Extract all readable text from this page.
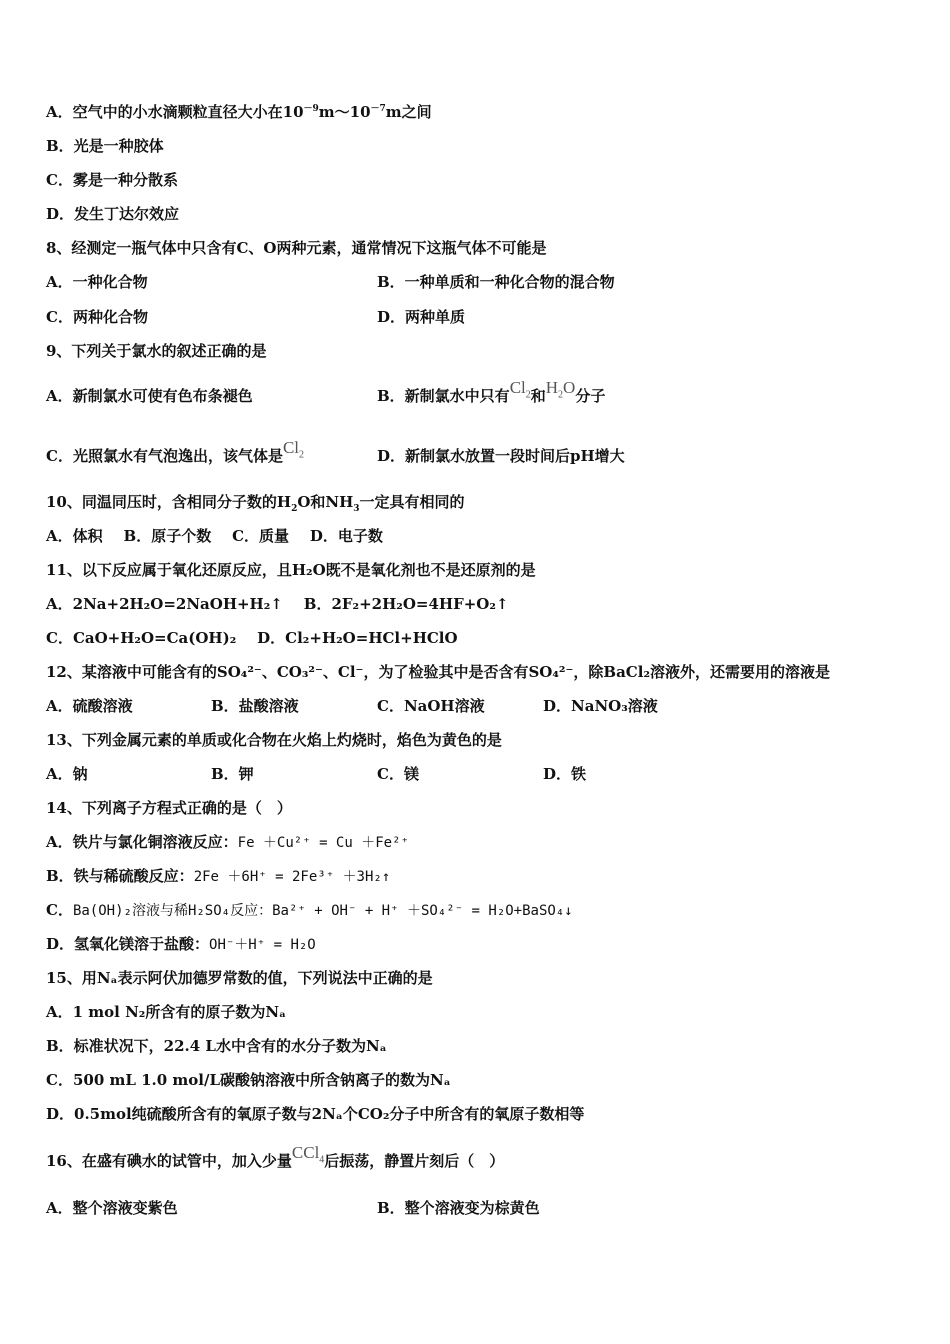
A．空气中的小水滴颗粒直径大小在$10^{-9}m\sim 10^{-7}m$之间
B．光是一种胶体
C．雾是一种分散系
D．发生丁达尔效应
8、经测定一瓶气体中只含有C、O两种元素，通常情况下这瓶气体不可能是
A．一种化合物	B．一种单质和一种化合物的混合物
C．两种化合物	D．两种单质
9、下列关于氯水的叙述正确的是
A．新制氯水可使有色布条褪色	B．新制氯水中只有$Cl_2$和$H_2O$分子
C．光照氯水有气泡逸出，该气体是$Cl_2$	D．新制氯水放置一段时间后pH增大
10、同温同压时，含相同分子数的$H_2O$和$NH_3$一定具有相同的
A．体积    B．原子个数    C．质量    D．电子数
11、以下反应属于氧化还原反应，且H₂O既不是氧化剂也不是还原剂的是
A．2Na+2H₂O=2NaOH+H₂↑    B．2F₂+2H₂O=4HF+O₂↑
C．CaO+H₂O=Ca(OH)₂    D．Cl₂+H₂O=HCl+HClO
12、某溶液中可能含有的SO₄²⁻、CO₃²⁻、Cl⁻，为了检验其中是否含有SO₄²⁻，除BaCl₂溶液外，还需要用的溶液是
A．硫酸溶液	B．盐酸溶液	C．NaOH溶液	D．NaNO₃溶液
13、下列金属元素的单质或化合物在火焰上灼烧时，焰色为黄色的是
A．钠	B．钾	C．镁	D．铁
14、下列离子方程式正确的是（　）
A．铁片与氯化铜溶液反应：Fe ＋Cu²⁺ = Cu ＋Fe²⁺
B．铁与稀硫酸反应：2Fe ＋6H⁺ = 2Fe³⁺ ＋3H₂↑
C．Ba(OH)₂溶液与稀H₂SO₄反应：Ba²⁺ + OH⁻ + H⁺ ＋SO₄²⁻ = H₂O+BaSO₄↓
D．氢氧化镁溶于盐酸：OH⁻＋H⁺ = H₂O
15、用Nₐ表示阿伏加德罗常数的值，下列说法中正确的是
A．1 mol N₂所含有的原子数为Nₐ
B．标准状况下，22.4 L水中含有的水分子数为Nₐ
C．500 mL 1.0 mol/L碳酸钠溶液中所含钠离子的数为Nₐ
D．0.5mol纯硫酸所含有的氧原子数与2Nₐ个CO₂分子中所含有的氧原子数相等
16、在盛有碘水的试管中，加入少量CCl$_4$后振荡，静置片刻后（　）
A．整个溶液变紫色	B．整个溶液变为棕黄色
